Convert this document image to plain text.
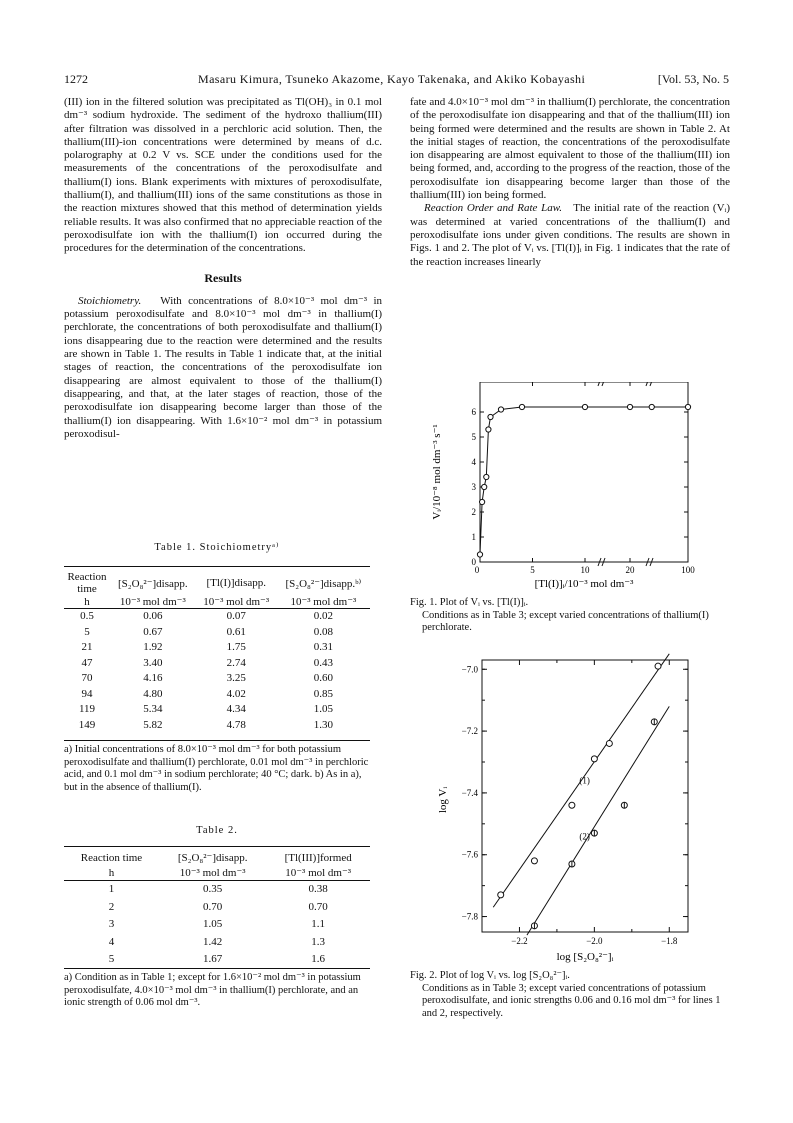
1272	Masaru Kimura, Tsuneko Akazome, Kayo Takenaka, and Akiko Kobayashi	[Vol. 53, No. 5

(III) ion in the filtered solution was precipitated as Tl(OH)₃ in 0.1 mol dm⁻³ sodium hydroxide. The sediment of the hydroxo thallium(III) after filtration was dissolved in a perchloric acid solution. Then, the thallium(III)-ion concentrations were determined by means of d.c. polarography at 0.2 V vs. SCE under the conditions used for the measurements of the concentrations of the peroxodisulfate and thallium(I) ions. Blank experiments with mixtures of peroxodisulfate, thallium(I), and thallium(III) ions of the same constitutions as those in the reaction mixtures showed that this method of determination yields reliable results. It was also confirmed that no appreciable reaction of the peroxodisulfate ion with the thallium(I) ion occurred during the procedures for the determination of the concentrations.

Results

Stoichiometry. With concentrations of 8.0×10⁻³ mol dm⁻³ in potassium peroxodisulfate and 8.0×10⁻³ mol dm⁻³ in thallium(I) perchlorate, the concentrations of both peroxodisulfate and thallium(I) ions disappearing due to the reaction were determined and the results are shown in Table 1. The results in Table 1 indicate that, at the initial stages of reaction, the concentrations of the peroxodisulfate ion disappearing are almost equivalent to those of the thallium(I) disappearing, and that, at the later stages of reaction, those of the peroxodisulfate ion disappearing become larger than those of the thallium(I) ion disappearing. With 1.6×10⁻² mol dm⁻³ in potassium peroxodisul-

Table 1. Stoichiometryᵃ⁾
Reaction time	[S₂O₈²⁻]disapp.	[Tl(I)]disapp.	[S₂O₈²⁻]disapp.ᵇ⁾
h	10⁻³ mol dm⁻³	10⁻³ mol dm⁻³	10⁻³ mol dm⁻³
0.5	0.06	0.07	0.02
5	0.67	0.61	0.08
21	1.92	1.75	0.31
47	3.40	2.74	0.43
70	4.16	3.25	0.60
94	4.80	4.02	0.85
119	5.34	4.34	1.05
149	5.82	4.78	1.30
a) Initial concentrations of 8.0×10⁻³ mol dm⁻³ for both potassium peroxodisulfate and thallium(I) perchlorate, 0.01 mol dm⁻³ in perchloric acid, and 0.1 mol dm⁻³ in sodium perchlorate; 40 °C; dark. b) As in a), but in the absence of thallium(I).
Table 2.
Reaction time	[S₂O₈²⁻]disapp.	[Tl(III)]formed
h	10⁻³ mol dm⁻³	10⁻³ mol dm⁻³
1	0.35	0.38
2	0.70	0.70
3	1.05	1.1
4	1.42	1.3
5	1.67	1.6
a) Condition as in Table 1; except for 1.6×10⁻² mol dm⁻³ in potassium peroxodisulfate, 4.0×10⁻³ mol dm⁻³ in thallium(I) perchlorate, and an ionic strength of 0.06 mol dm⁻³.

fate and 4.0×10⁻³ mol dm⁻³ in thallium(I) perchlorate, the concentration of the peroxodisulfate ion disappearing and that of the thallium(III) ion being formed were determined and the results are shown in Table 2. At the initial stages of reaction, the concentrations of the peroxodisulfate ion disappearing are almost equivalent to those of the thallium(III) ion being formed, and, according to the progress of the reaction, those of the peroxodisulfate ion disappearing become larger than those of the thallium(III) ion being formed.

Reaction Order and Rate Law. The initial rate of the reaction (Vᵢ) was determined at varied concentrations of the thallium(I) and peroxodisulfate ions under given conditions. The results are shown in Figs. 1 and 2. The plot of Vᵢ vs. [Tl(I)]ᵢ in Fig. 1 indicates that the rate of the reaction increases linearly

0
1
2
3
4
5
6
0	5	10	20	100
Vᵢ/10⁻⁸ mol dm⁻³ s⁻¹
[Tl(I)]ᵢ/10⁻³ mol dm⁻³
Fig. 1. Plot of Vᵢ vs. [Tl(I)]ᵢ.
Conditions as in Table 3; except varied concentrations of thallium(I) perchlorate.
−7.0
−7.2
−7.4
−7.6
−7.8
−2.2	−2.0	−1.8
(1)
(2)
log Vᵢ
log [S₂O₈²⁻]ᵢ
Fig. 2. Plot of log Vᵢ vs. log [S₂O₈²⁻]ᵢ.
Conditions as in Table 3; except varied concentrations of potassium peroxodisulfate, and ionic strengths 0.06 and 0.16 mol dm⁻³ for lines 1 and 2, respectively.
